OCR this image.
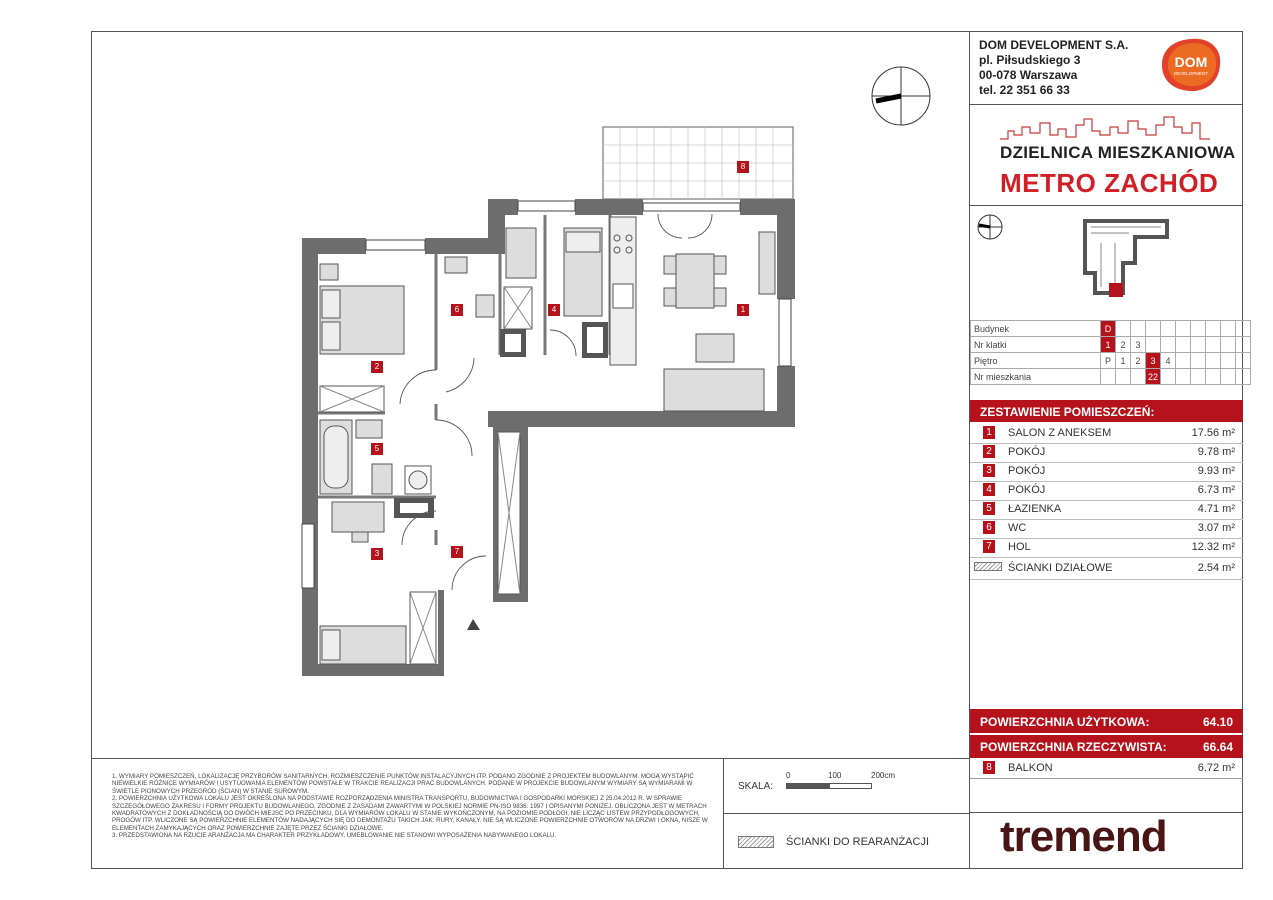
DOM DEVELOPMENT S.A.
pl. Piłsudskiego 3
00-078 Warszawa
tel. 22 351 66 33
DOM
DEVELOPMENT
DZIELNICA MIESZKANIOWA
METRO ZACHÓD
Budynek	D									
Nr klatki	1	2	3							
Piętro	P	1	2	3	4					
Nr mieszkania				22						
ZESTAWIENIE POMIESZCZEŃ:
1 SALON Z ANEKSEM	17.56 m²
2 POKÓJ	9.78 m²
3 POKÓJ	9.93 m²
4 POKÓJ	6.73 m²
5 ŁAZIENKA	4.71 m²
6 WC	3.07 m²
7 HOL	12.32 m²
ŚCIANKI DZIAŁOWE	2.54 m²
POWIERZCHNIA UŻYTKOWA:	64.10
POWIERZCHNIA RZECZYWISTA:	66.64
8 BALKON	6.72 m²

1. WYMIARY POMIESZCZEŃ, LOKALIZACJĘ PRZYBORÓW SANITARNYCH, ROZMIESZCZENIE PUNKTÓW INSTALACYJNYCH ITP. PODANO ZGODNIE Z PROJEKTEM BUDOWLANYM. MOGĄ WYSTĄPIĆ NIEWIELKIE RÓŻNICE WYMIARÓW I USYTUOWANIA ELEMENTÓW POWSTAŁE W TRAKCIE REALIZACJI PRAC BUDOWLANYCH. PODANE W PROJEKCIE BUDOWLANYM WYMIARY SĄ WYMIARAMI W ŚWIETLE PIONOWYCH PRZEGRÓD (ŚCIAN) W STANIE SUROWYM.

2. POWIERZCHNIA UŻYTKOWA LOKALU JEST OKREŚLONA NA PODSTAWIE ROZPORZĄDZENIA MINISTRA TRANSPORTU, BUDOWNICTWA I GOSPODARKI MORSKIEJ Z 25.04.2012 R. W SPRAWIE SZCZEGÓŁOWEGO ZAKRESU I FORMY PROJEKTU BUDOWLANEGO, ZGODNIE Z ZASADAMI ZAWARTYMI W POLSKIEJ NORMIE PN-ISO 9836: 1997 I OPISANYMI PONIŻEJ. OBLICZONA JEST W METRACH KWADRATOWYCH Z DOKŁADNOŚCIĄ DO DWÓCH MIEJSC PO PRZECINKU, DLA WYMIARÓW LOKALU W STANIE WYKOŃCZONYM, NA POZIOMIE PODŁOGI, NIE LICZĄC LISTEW PRZYPODŁOGOWYCH, PROGÓW ITP. WLICZONE SĄ POWIERZCHNIE ELEMENTÓW NADAJĄCYCH SIĘ DO DEMONTAŻU TAKICH JAK: RURY, KANAŁY. NIE SĄ WLICZONE POWIERZCHNIE OTWORÓW NA DRZWI I OKNA, NISZE W ELEMENTACH ZAMYKAJĄCYCH ORAZ POWIERZCHNIE ZAJĘTE PRZEZ ŚCIANKI DZIAŁOWE.

3. PRZEDSTAWIONA NA RZUCIE ARANŻACJA MA CHARAKTER PRZYKŁADOWY, UMEBLOWANIE NIE STANOWI WYPOSAŻENIA NABYWANEGO LOKALU.

SKALA:
0	100	200cm
ŚCIANKI DO REARANŻACJI tremend
8
1
2
3
4
5
6
7
